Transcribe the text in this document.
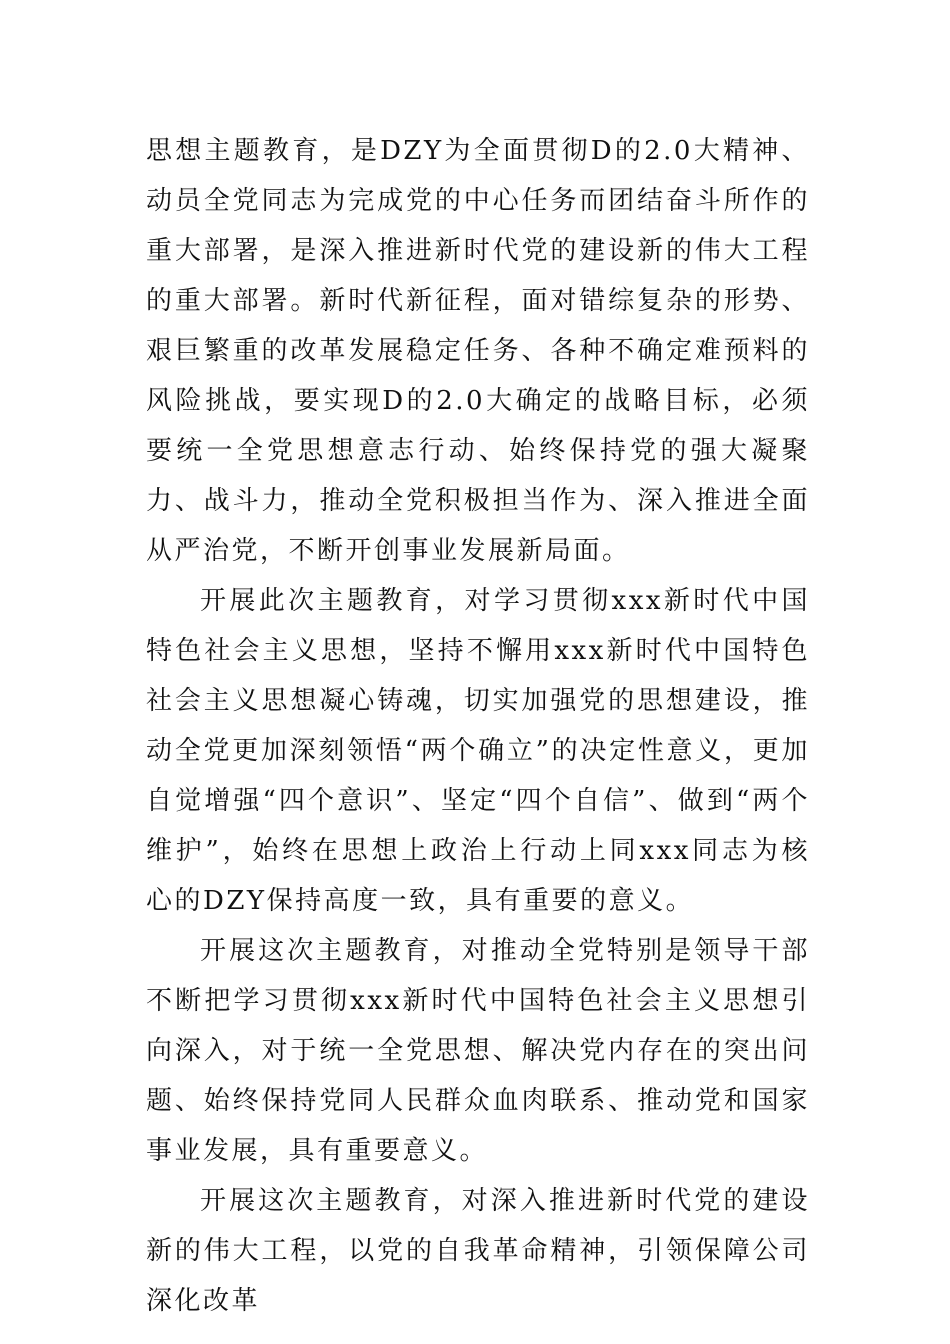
思想主题教育，是DZY为全面贯彻D的2.0大精神、动员全党同志为完成党的中心任务而团结奋斗所作的重大部署，是深入推进新时代党的建设新的伟大工程的重大部署。新时代新征程，面对错综复杂的形势、艰巨繁重的改革发展稳定任务、各种不确定难预料的风险挑战，要实现D的2.0大确定的战略目标，必须要统一全党思想意志行动、始终保持党的强大凝聚力、战斗力，推动全党积极担当作为、深入推进全面从严治党，不断开创事业发展新局面。

开展此次主题教育，对学习贯彻xxx新时代中国特色社会主义思想，坚持不懈用xxx新时代中国特色社会主义思想凝心铸魂，切实加强党的思想建设，推动全党更加深刻领悟“两个确立”的决定性意义，更加自觉增强“四个意识”、坚定“四个自信”、做到“两个维护”，始终在思想上政治上行动上同xxx同志为核心的DZY保持高度一致，具有重要的意义。

开展这次主题教育，对推动全党特别是领导干部不断把学习贯彻xxx新时代中国特色社会主义思想引向深入，对于统一全党思想、解决党内存在的突出问题、始终保持党同人民群众血肉联系、推动党和国家事业发展，具有重要意义。

开展这次主题教育，对深入推进新时代党的建设新的伟大工程，以党的自我革命精神，引领保障公司深化改革
